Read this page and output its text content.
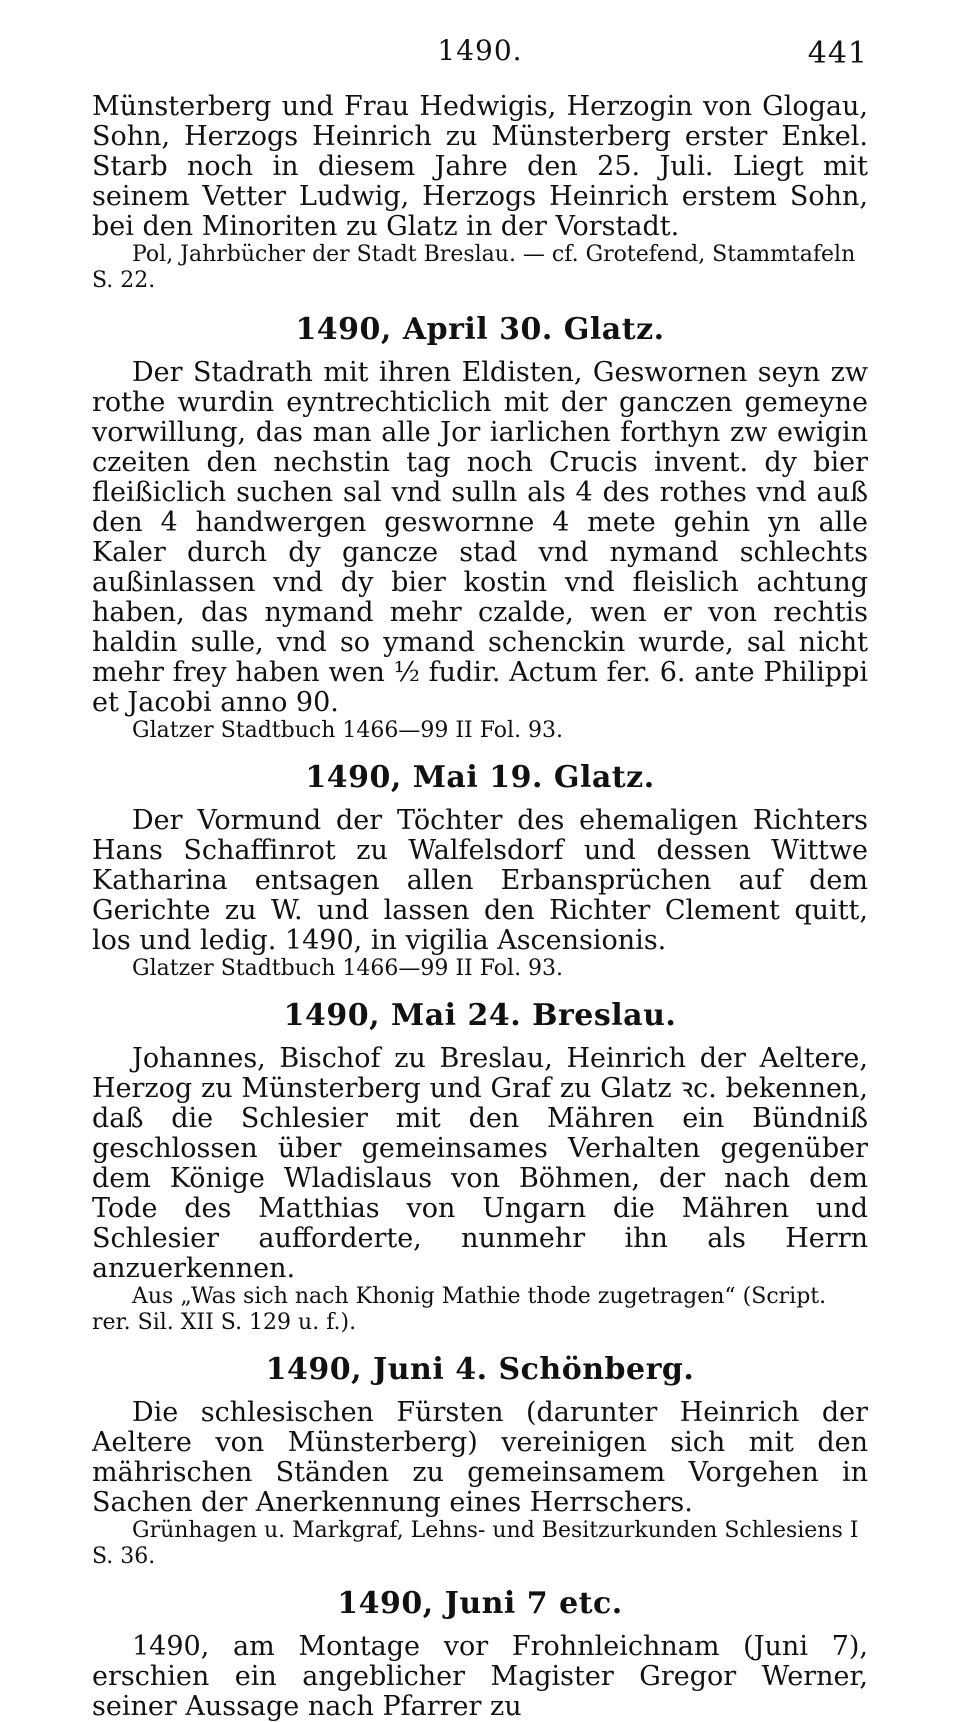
1490.	441

Münsterberg und Frau Hedwigis, Herzogin von Glogau, Sohn, Herzogs Heinrich zu Münsterberg erster Enkel. Starb noch in diesem Jahre den 25. Juli. Liegt mit seinem Vetter Ludwig, Herzogs Heinrich erstem Sohn, bei den Minoriten zu Glatz in der Vorstadt.

Pol, Jahrbücher der Stadt Breslau. — cf. Grotefend, Stammtafeln S. 22.

1490, April 30. Glatz.

Der Stadrath mit ihren Eldisten, Geswornen seyn zw rothe wurdin eyntrechticlich mit der ganczen gemeyne vorwillung, das man alle Jor iarlichen forthyn zw ewigin czeiten den nechstin tag noch Crucis invent. dy bier fleißiclich suchen sal vnd sulln als 4 des rothes vnd auß den 4 handwergen geswornne 4 mete gehin yn alle Kaler durch dy gancze stad vnd nymand schlechts außinlassen vnd dy bier kostin vnd fleislich achtung haben, das nymand mehr czalde, wen er von rechtis haldin sulle, vnd so ymand schenckin wurde, sal nicht mehr frey haben wen ½ fudir. Actum fer. 6. ante Philippi et Jacobi anno 90.

Glatzer Stadtbuch 1466—99 II Fol. 93.

1490, Mai 19. Glatz.

Der Vormund der Töchter des ehemaligen Richters Hans Schaffinrot zu Walfelsdorf und dessen Wittwe Katharina entsagen allen Erbansprüchen auf dem Gerichte zu W. und lassen den Richter Clement quitt, los und ledig. 1490, in vigilia Ascensionis.

Glatzer Stadtbuch 1466—99 II Fol. 93.

1490, Mai 24. Breslau.

Johannes, Bischof zu Breslau, Heinrich der Aeltere, Herzog zu Münsterberg und Graf zu Glatz ꝛc. bekennen, daß die Schlesier mit den Mähren ein Bündniß geschlossen über gemeinsames Verhalten gegenüber dem Könige Wladislaus von Böhmen, der nach dem Tode des Matthias von Ungarn die Mähren und Schlesier aufforderte, nunmehr ihn als Herrn anzuerkennen.

Aus „Was sich nach Khonig Mathie thode zugetragen“ (Script. rer. Sil. XII S. 129 u. f.).

1490, Juni 4. Schönberg.

Die schlesischen Fürsten (darunter Heinrich der Aeltere von Münsterberg) vereinigen sich mit den mährischen Ständen zu gemeinsamem Vorgehen in Sachen der Anerkennung eines Herrschers.

Grünhagen u. Markgraf, Lehns- und Besitzurkunden Schlesiens I S. 36.

1490, Juni 7 etc.

1490, am Montage vor Frohnleichnam (Juni 7), erschien ein angeblicher Magister Gregor Werner, seiner Aussage nach Pfarrer zu
